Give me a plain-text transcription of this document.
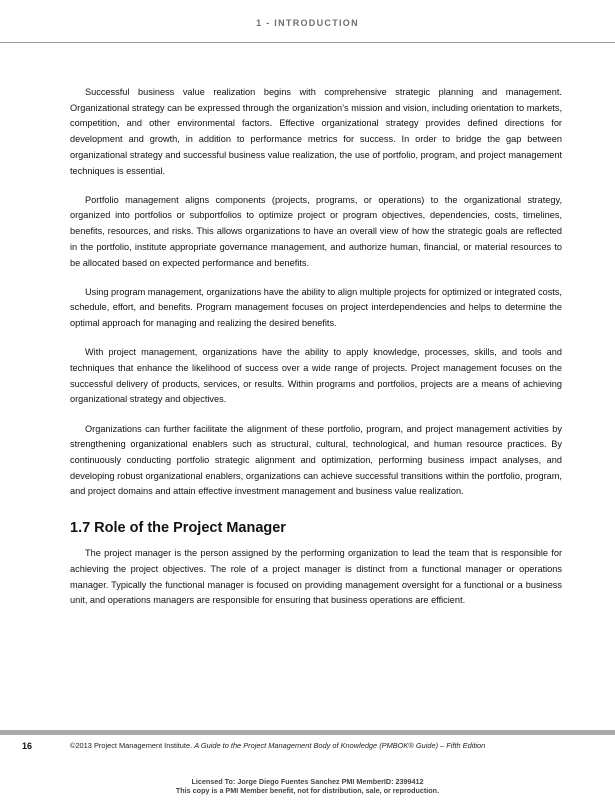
1 - INTRODUCTION

Successful business value realization begins with comprehensive strategic planning and management. Organizational strategy can be expressed through the organization’s mission and vision, including orientation to markets, competition, and other environmental factors. Effective organizational strategy provides defined directions for development and growth, in addition to performance metrics for success. In order to bridge the gap between organizational strategy and successful business value realization, the use of portfolio, program, and project management techniques is essential.

Portfolio management aligns components (projects, programs, or operations) to the organizational strategy, organized into portfolios or subportfolios to optimize project or program objectives, dependencies, costs, timelines, benefits, resources, and risks. This allows organizations to have an overall view of how the strategic goals are reflected in the portfolio, institute appropriate governance management, and authorize human, financial, or material resources to be allocated based on expected performance and benefits.

Using program management, organizations have the ability to align multiple projects for optimized or integrated costs, schedule, effort, and benefits. Program management focuses on project interdependencies and helps to determine the optimal approach for managing and realizing the desired benefits.

With project management, organizations have the ability to apply knowledge, processes, skills, and tools and techniques that enhance the likelihood of success over a wide range of projects. Project management focuses on the successful delivery of products, services, or results. Within programs and portfolios, projects are a means of achieving organizational strategy and objectives.

Organizations can further facilitate the alignment of these portfolio, program, and project management activities by strengthening organizational enablers such as structural, cultural, technological, and human resource practices. By continuously conducting portfolio strategic alignment and optimization, performing business impact analyses, and developing robust organizational enablers, organizations can achieve successful transitions within the portfolio, program, and project domains and attain effective investment management and business value realization.

1.7 Role of the Project Manager

The project manager is the person assigned by the performing organization to lead the team that is responsible for achieving the project objectives. The role of a project manager is distinct from a functional manager or operations manager. Typically the functional manager is focused on providing management oversight for a functional or a business unit, and operations managers are responsible for ensuring that business operations are efficient.

16	©2013 Project Management Institute. A Guide to the Project Management Body of Knowledge (PMBOK® Guide) – Fifth Edition
Licensed To: Jorge Diego Fuentes Sanchez PMI MemberID: 2399412
This copy is a PMI Member benefit, not for distribution, sale, or reproduction.
